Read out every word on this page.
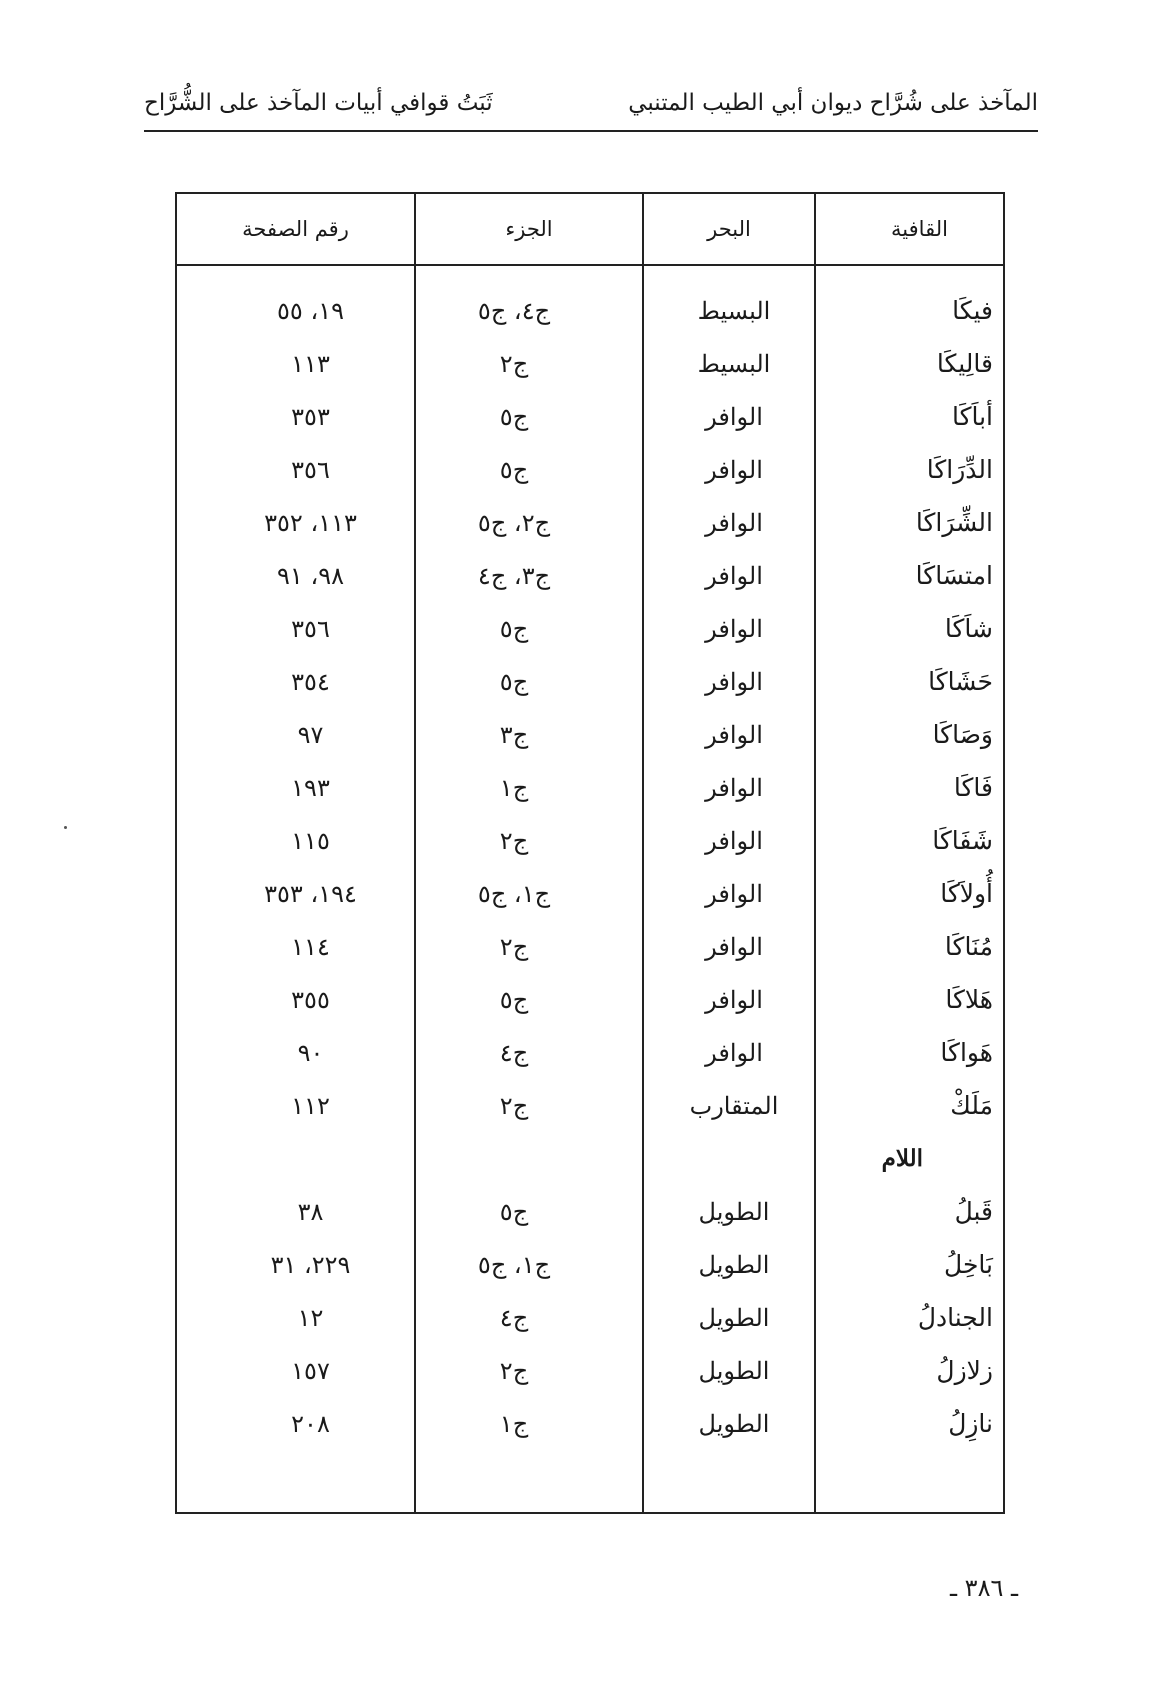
المآخذ على شُرَّاح ديوان أبي الطيب المتنبي
ثَبَتُ قوافي أبيات المآخذ على الشُّرَّاح
القافية	البحر	الجزء	رقم الصفحة

فيكَا	البسيط	ج٤، ج٥	١٩، ٥٥
قالِيكَا	البسيط	ج٢	١١٣
أباَكَا	الوافر	ج٥	٣٥٣
الدِّرَاكَا	الوافر	ج٥	٣٥٦
الشِّرَاكَا	الوافر	ج٢، ج٥	١١٣، ٣٥٢
امتسَاكَا	الوافر	ج٣، ج٤	٩٨، ٩١
شاَكَا	الوافر	ج٥	٣٥٦
حَشَاكَا	الوافر	ج٥	٣٥٤
وَصَاكَا	الوافر	ج٣	٩٧
فَاكَا	الوافر	ج١	١٩٣
شَفَاكَا	الوافر	ج٢	١١٥
أُولاَكَا	الوافر	ج١، ج٥	١٩٤، ٣٥٣
مُنَاكَا	الوافر	ج٢	١١٤
هَلاكَا	الوافر	ج٥	٣٥٥
هَواكَا	الوافر	ج٤	٩٠
مَلَكْ	المتقارب	ج٢	١١٢
اللام			
قَبلُ	الطويل	ج٥	٣٨
بَاخِلُ	الطويل	ج١، ج٥	٢٢٩، ٣١
الجنادلُ	الطويل	ج٤	١٢
زلازلُ	الطويل	ج٢	١٥٧
نازِلُ	الطويل	ج١	٢٠٨

ـ ٣٨٦ ـ
